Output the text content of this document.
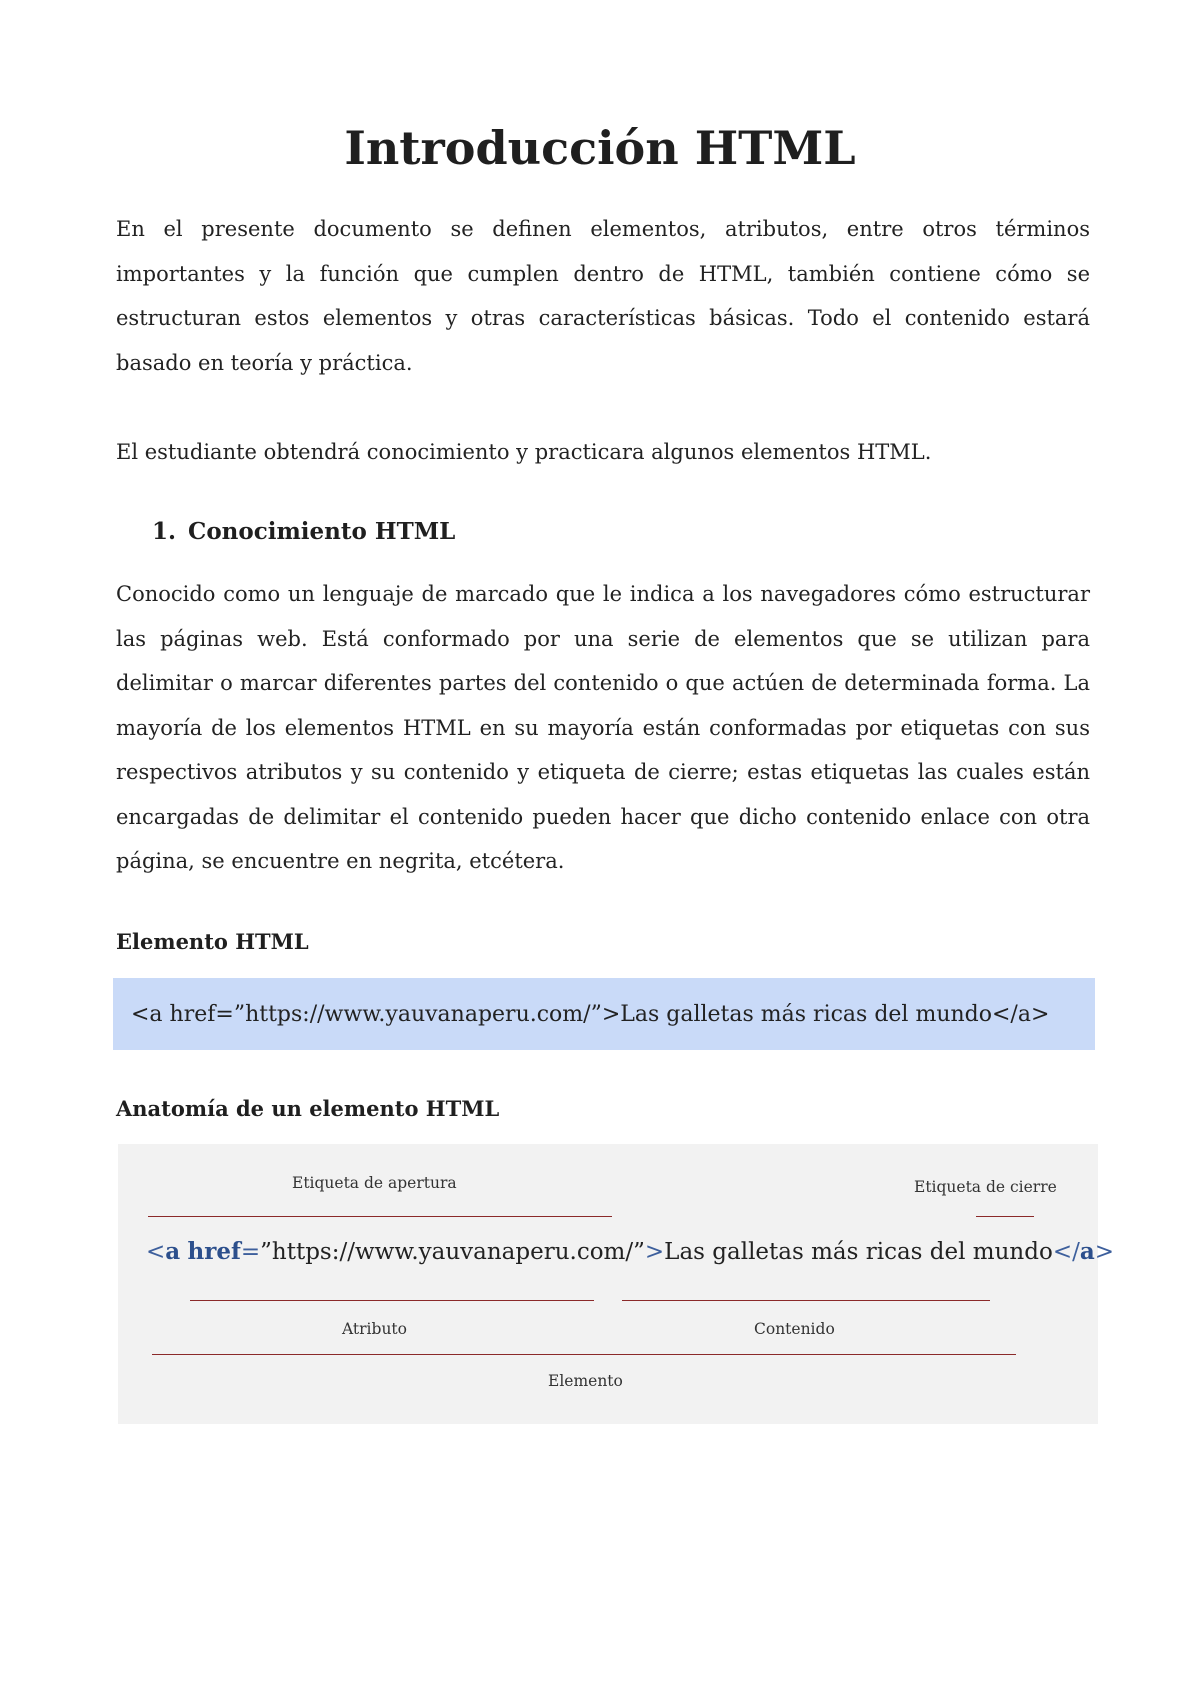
Introducción HTML

En el presente documento se definen elementos, atributos, entre otros términos importantes y la función que cumplen dentro de HTML, también contiene cómo se estructuran estos elementos y otras características básicas. Todo el contenido estará basado en teoría y práctica.

El estudiante obtendrá conocimiento y practicara algunos elementos HTML.

1. Conocimiento HTML

Conocido como un lenguaje de marcado que le indica a los navegadores cómo estructurar las páginas web. Está conformado por una serie de elementos que se utilizan para delimitar o marcar diferentes partes del contenido o que actúen de determinada forma. La mayoría de los elementos HTML en su mayoría están conformadas por etiquetas con sus respectivos atributos y su contenido y etiqueta de cierre; estas etiquetas las cuales están encargadas de delimitar el contenido pueden hacer que dicho contenido enlace con otra página, se encuentre en negrita, etcétera.

Elemento HTML
<a href=”https://www.yauvanaperu.com/”>Las galletas más ricas del mundo</a>
Anatomía de un elemento HTML
Etiqueta de apertura	Etiqueta de cierre
<a href=”https://www.yauvanaperu.com/”>Las galletas más ricas del mundo</a>
Atributo	Contenido
Elemento
